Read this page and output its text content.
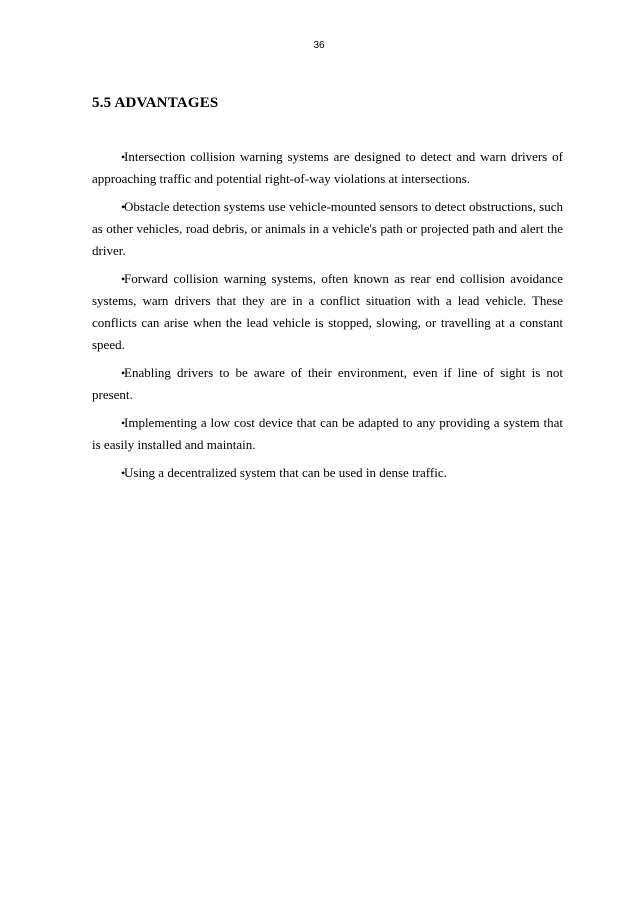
36
5.5 ADVANTAGES
•
Intersection collision warning systems are designed to detect and warn drivers of approaching traffic and potential right-of-way violations at intersections.
•
Obstacle detection systems use vehicle-mounted sensors to detect obstructions, such as other vehicles, road debris, or animals in a vehicle's path or projected path and alert the driver.
•
Forward collision warning systems, often known as rear end collision avoidance systems, warn drivers that they are in a conflict situation with a lead vehicle. These conflicts can arise when the lead vehicle is stopped, slowing, or travelling at a constant speed.
•
Enabling drivers to be aware of their environment, even if line of sight is not present.
•
Implementing a low cost device that can be adapted to any providing a system that is easily installed and maintain.
•
Using a decentralized system that can be used in dense traffic.
